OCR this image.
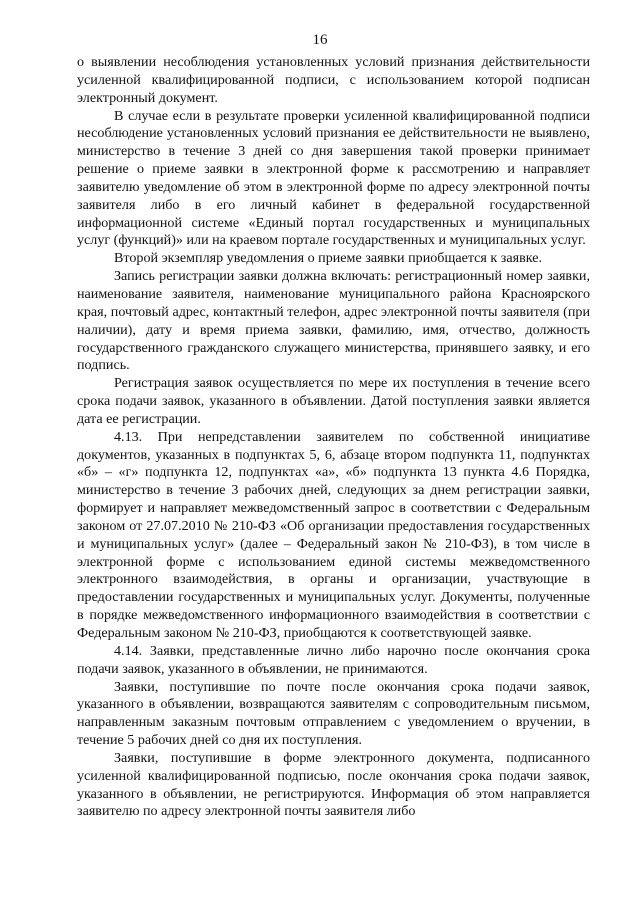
16

о выявлении несоблюдения установленных условий признания действительности усиленной квалифицированной подписи, с использованием которой подписан электронный документ.

В случае если в результате проверки усиленной квалифицированной подписи несоблюдение установленных условий признания ее действительности не выявлено, министерство в течение 3 дней со дня завершения такой проверки принимает решение о приеме заявки в электронной форме к рассмотрению и направляет заявителю уведомление об этом в электронной форме по адресу электронной почты заявителя либо в его личный кабинет в федеральной государственной информационной системе «Единый портал государственных и муниципальных услуг (функций)» или на краевом портале государственных и муниципальных услуг.

Второй экземпляр уведомления о приеме заявки приобщается к заявке.

Запись регистрации заявки должна включать: регистрационный номер заявки, наименование заявителя, наименование муниципального района Красноярского края, почтовый адрес, контактный телефон, адрес электронной почты заявителя (при наличии), дату и время приема заявки, фамилию, имя, отчество, должность государственного гражданского служащего министерства, принявшего заявку, и его подпись.

Регистрация заявок осуществляется по мере их поступления в течение всего срока подачи заявок, указанного в объявлении. Датой поступления заявки является дата ее регистрации.

4.13. При непредставлении заявителем по собственной инициативе документов, указанных в подпунктах 5, 6, абзаце втором подпункта 11, подпунктах «б» – «г» подпункта 12, подпунктах «а», «б» подпункта 13 пункта 4.6 Порядка, министерство в течение 3 рабочих дней, следующих за днем регистрации заявки, формирует и направляет межведомственный запрос в соответствии с Федеральным законом от 27.07.2010 № 210-ФЗ «Об организации предоставления государственных и муниципальных услуг» (далее – Федеральный закон № 210-ФЗ), в том числе в электронной форме с использованием единой системы межведомственного электронного взаимодействия, в органы и организации, участвующие в предоставлении государственных и муниципальных услуг. Документы, полученные в порядке межведомственного информационного взаимодействия в соответствии с Федеральным законом № 210-ФЗ, приобщаются к соответствующей заявке.

4.14. Заявки, представленные лично либо нарочно после окончания срока подачи заявок, указанного в объявлении, не принимаются.

Заявки, поступившие по почте после окончания срока подачи заявок, указанного в объявлении, возвращаются заявителям с сопроводительным письмом, направленным заказным почтовым отправлением с уведомлением о вручении, в течение 5 рабочих дней со дня их поступления.

Заявки, поступившие в форме электронного документа, подписанного усиленной квалифицированной подписью, после окончания срока подачи заявок, указанного в объявлении, не регистрируются. Информация об этом направляется заявителю по адресу электронной почты заявителя либо
